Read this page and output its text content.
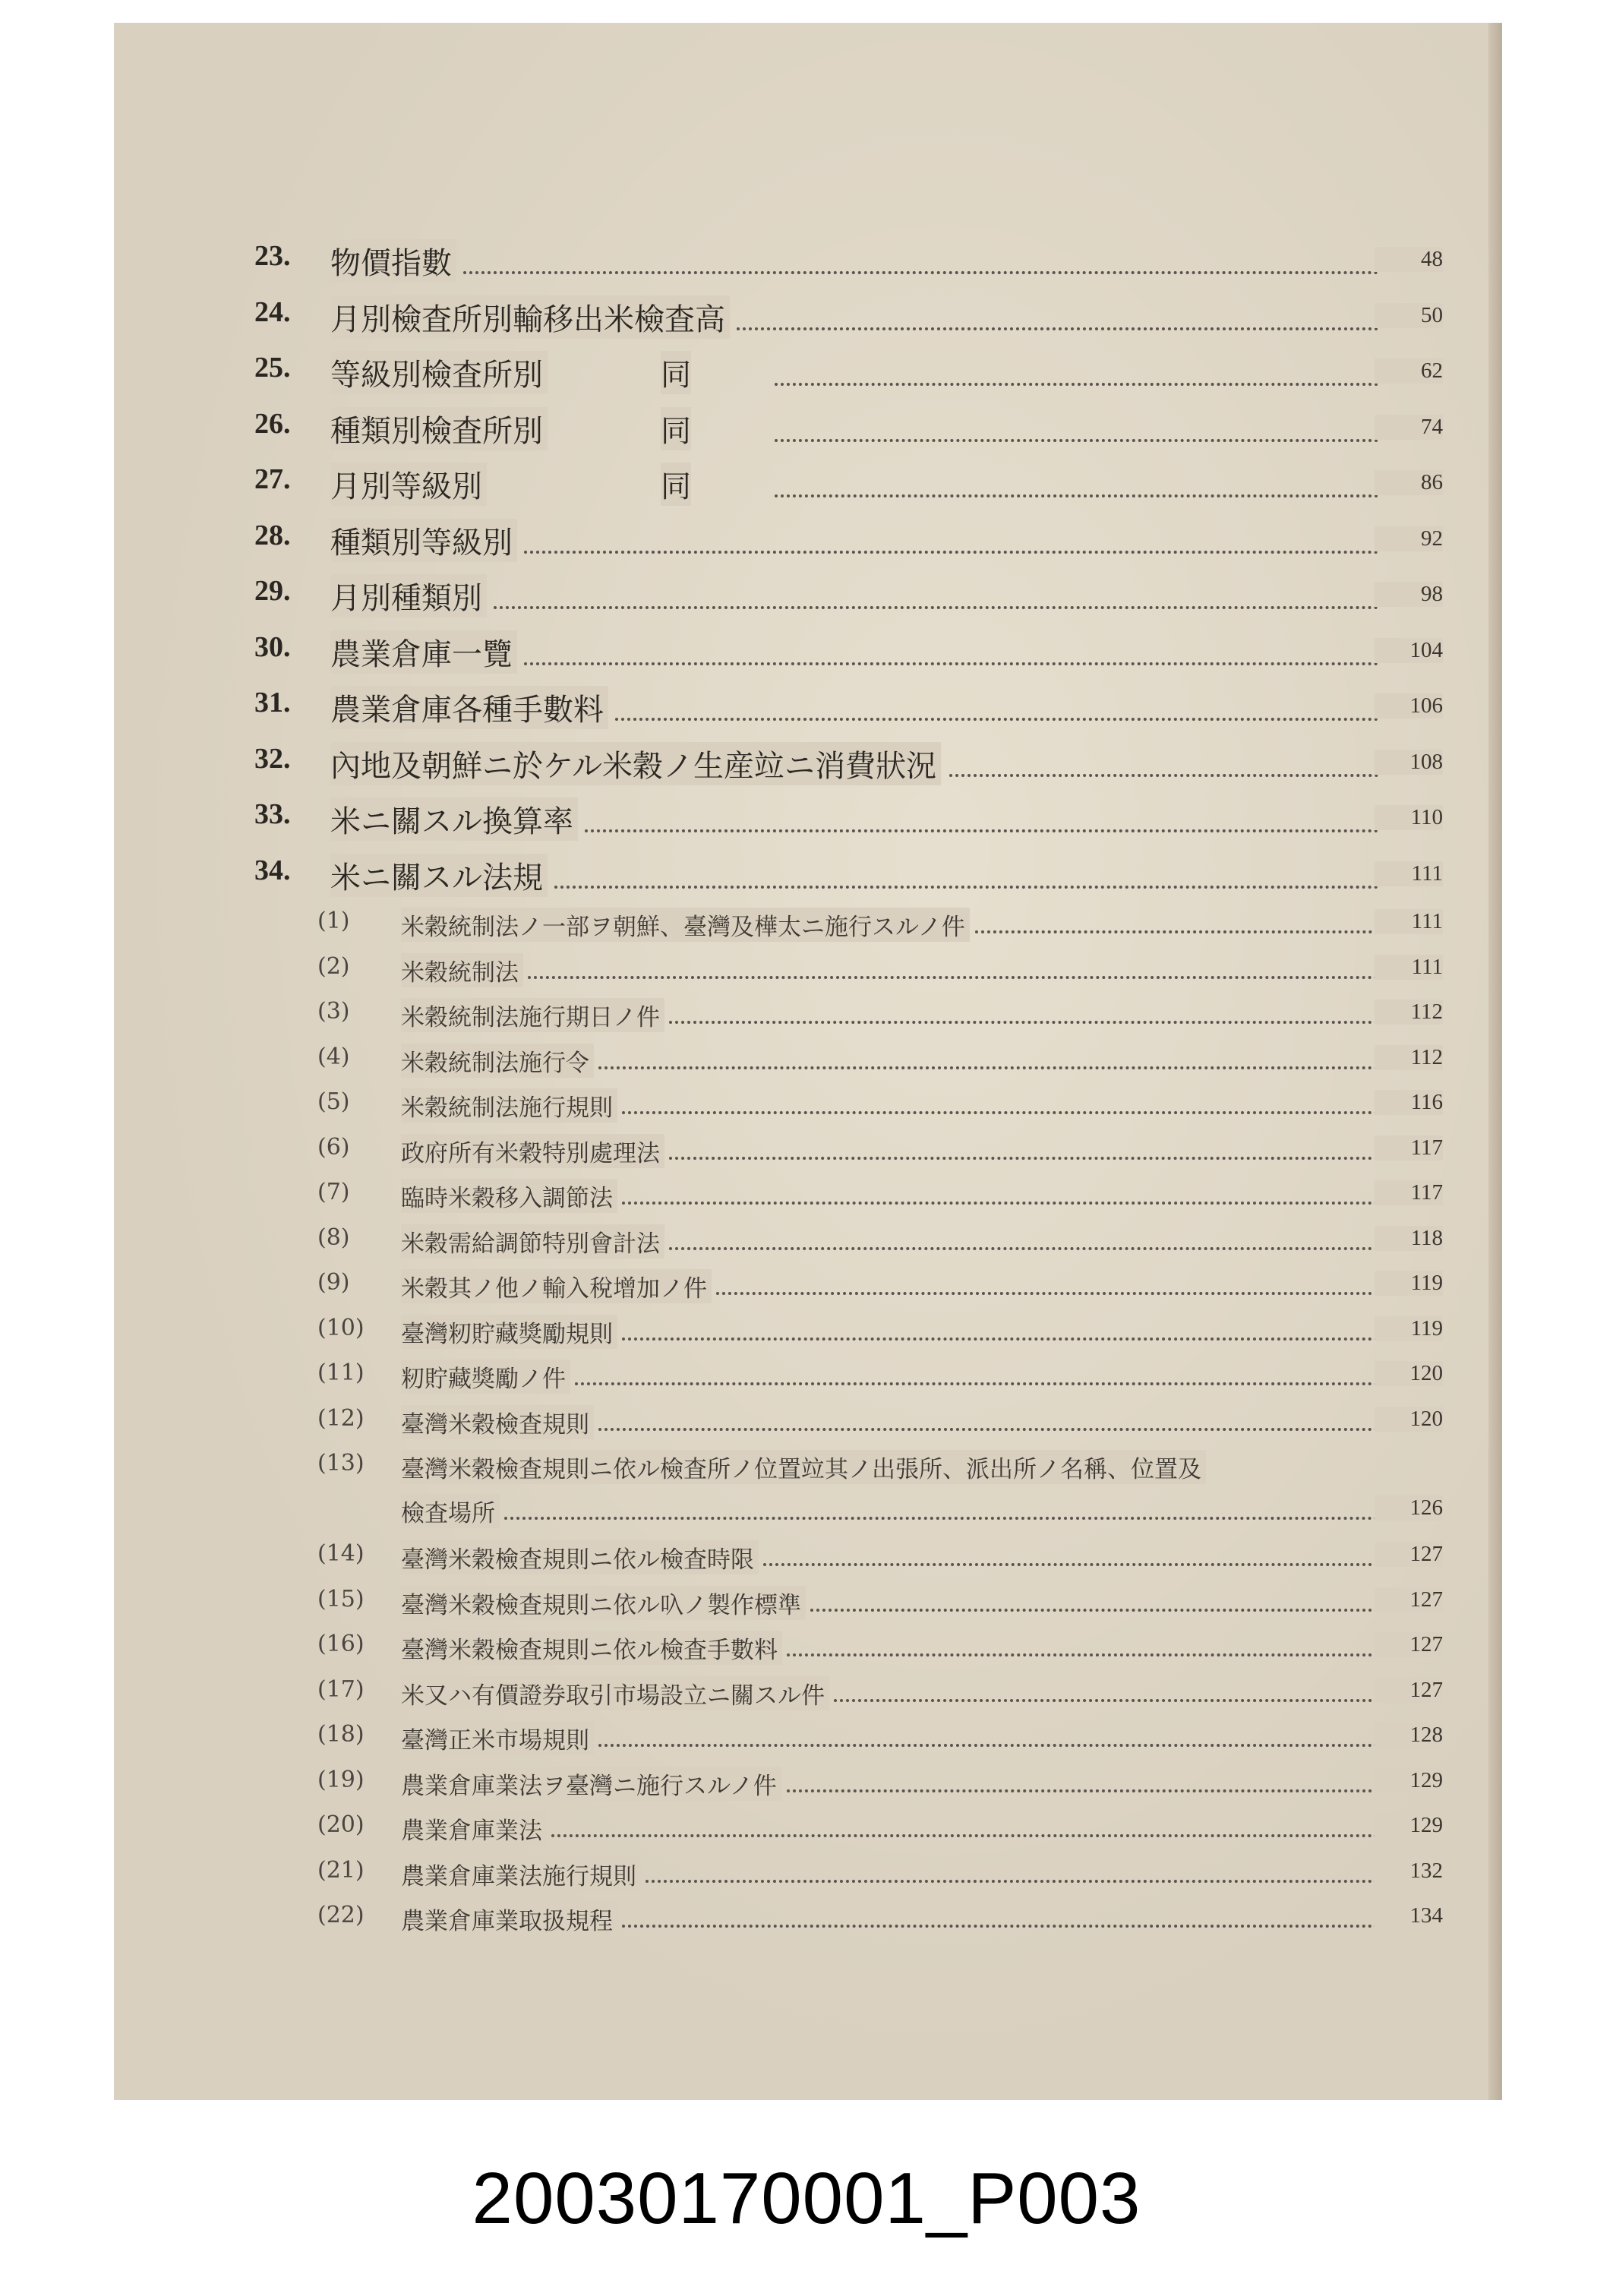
23.	物價指數	48
24.	月別檢査所別輸移出米檢査高	50
25.	等級別檢査所別	同	62
26.	種類別檢査所別	同	74
27.	月別等級別	同	86
28.	種類別等級別	92
29.	月別種類別	98
30.	農業倉庫一覽	104
31.	農業倉庫各種手數料	106
32.	內地及朝鮮ニ於ケル米穀ノ生産竝ニ消費狀況	108
33.	米ニ關スル換算率	110
34.	米ニ關スル法規	111
(1)	米穀統制法ノ一部ヲ朝鮮、臺灣及樺太ニ施行スルノ件	111
(2)	米穀統制法	111
(3)	米穀統制法施行期日ノ件	112
(4)	米穀統制法施行令	112
(5)	米穀統制法施行規則	116
(6)	政府所有米穀特別處理法	117
(7)	臨時米穀移入調節法	117
(8)	米穀需給調節特別會計法	118
(9)	米穀其ノ他ノ輸入稅增加ノ件	119
(10)	臺灣籾貯藏獎勵規則	119
(11)	籾貯藏獎勵ノ件	120
(12)	臺灣米穀檢査規則	120
(13)	臺灣米穀檢査規則ニ依ル檢査所ノ位置竝其ノ出張所、派出所ノ名稱、位置及
檢査場所	126
(14)	臺灣米穀檢査規則ニ依ル檢査時限	127
(15)	臺灣米穀檢査規則ニ依ル叺ノ製作標準	127
(16)	臺灣米穀檢査規則ニ依ル檢査手數料	127
(17)	米又ハ有價證券取引市場設立ニ關スル件	127
(18)	臺灣正米市場規則	128
(19)	農業倉庫業法ヲ臺灣ニ施行スルノ件	129
(20)	農業倉庫業法	129
(21)	農業倉庫業法施行規則	132
(22)	農業倉庫業取扱規程	134
20030170001_P003
